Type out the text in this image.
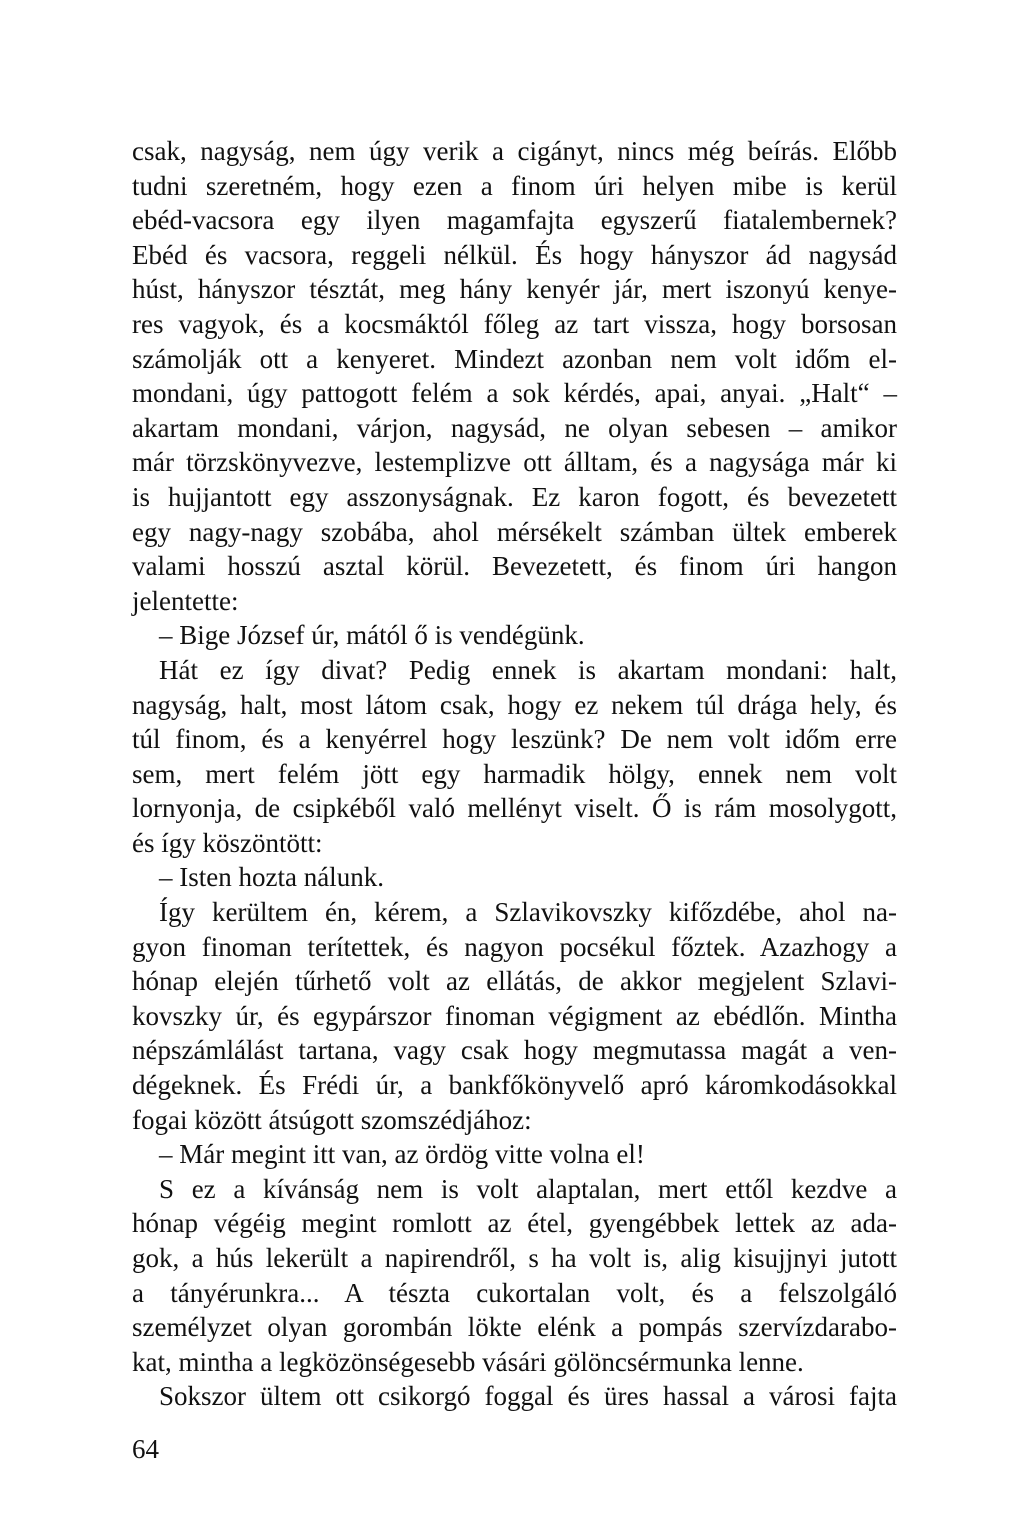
csak, nagyság, nem úgy verik a cigányt, nincs még beírás. Előbb
tudni szeretném, hogy ezen a finom úri helyen mibe is kerül
ebéd-vacsora egy ilyen magamfajta egyszerű fiatalembernek?
Ebéd és vacsora, reggeli nélkül. És hogy hányszor ád nagysád
húst, hányszor tésztát, meg hány kenyér jár, mert iszonyú kenye-
res vagyok, és a kocsmáktól főleg az tart vissza, hogy borsosan
számolják ott a kenyeret. Mindezt azonban nem volt időm el-
mondani, úgy pattogott felém a sok kérdés, apai, anyai. „Halt“ –
akartam mondani, várjon, nagysád, ne olyan sebesen – amikor
már törzskönyvezve, lestemplizve ott álltam, és a nagysága már ki
is hujjantott egy asszonyságnak. Ez karon fogott, és bevezetett
egy nagy-nagy szobába, ahol mérsékelt számban ültek emberek
valami hosszú asztal körül. Bevezetett, és finom úri hangon
jelentette:
– Bige József úr, mától ő is vendégünk.
Hát ez így divat? Pedig ennek is akartam mondani: halt,
nagyság, halt, most látom csak, hogy ez nekem túl drága hely, és
túl finom, és a kenyérrel hogy leszünk? De nem volt időm erre
sem, mert felém jött egy harmadik hölgy, ennek nem volt
lornyonja, de csipkéből való mellényt viselt. Ő is rám mosolygott,
és így köszöntött:
– Isten hozta nálunk.
Így kerültem én, kérem, a Szlavikovszky kifőzdébe, ahol na-
gyon finoman terítettek, és nagyon pocsékul főztek. Azazhogy a
hónap elején tűrhető volt az ellátás, de akkor megjelent Szlavi-
kovszky úr, és egypárszor finoman végigment az ebédlőn. Mintha
népszámlálást tartana, vagy csak hogy megmutassa magát a ven-
dégeknek. És Frédi úr, a bankfőkönyvelő apró káromkodásokkal
fogai között átsúgott szomszédjához:
– Már megint itt van, az ördög vitte volna el!
S ez a kívánság nem is volt alaptalan, mert ettől kezdve a
hónap végéig megint romlott az étel, gyengébbek lettek az ada-
gok, a hús lekerült a napirendről, s ha volt is, alig kisujjnyi jutott
a tányérunkra... A tészta cukortalan volt, és a felszolgáló
személyzet olyan gorombán lökte elénk a pompás szervízdarabo-
kat, mintha a legközönségesebb vásári gölöncsérmunka lenne.
Sokszor ültem ott csikorgó foggal és üres hassal a városi fajta
64
